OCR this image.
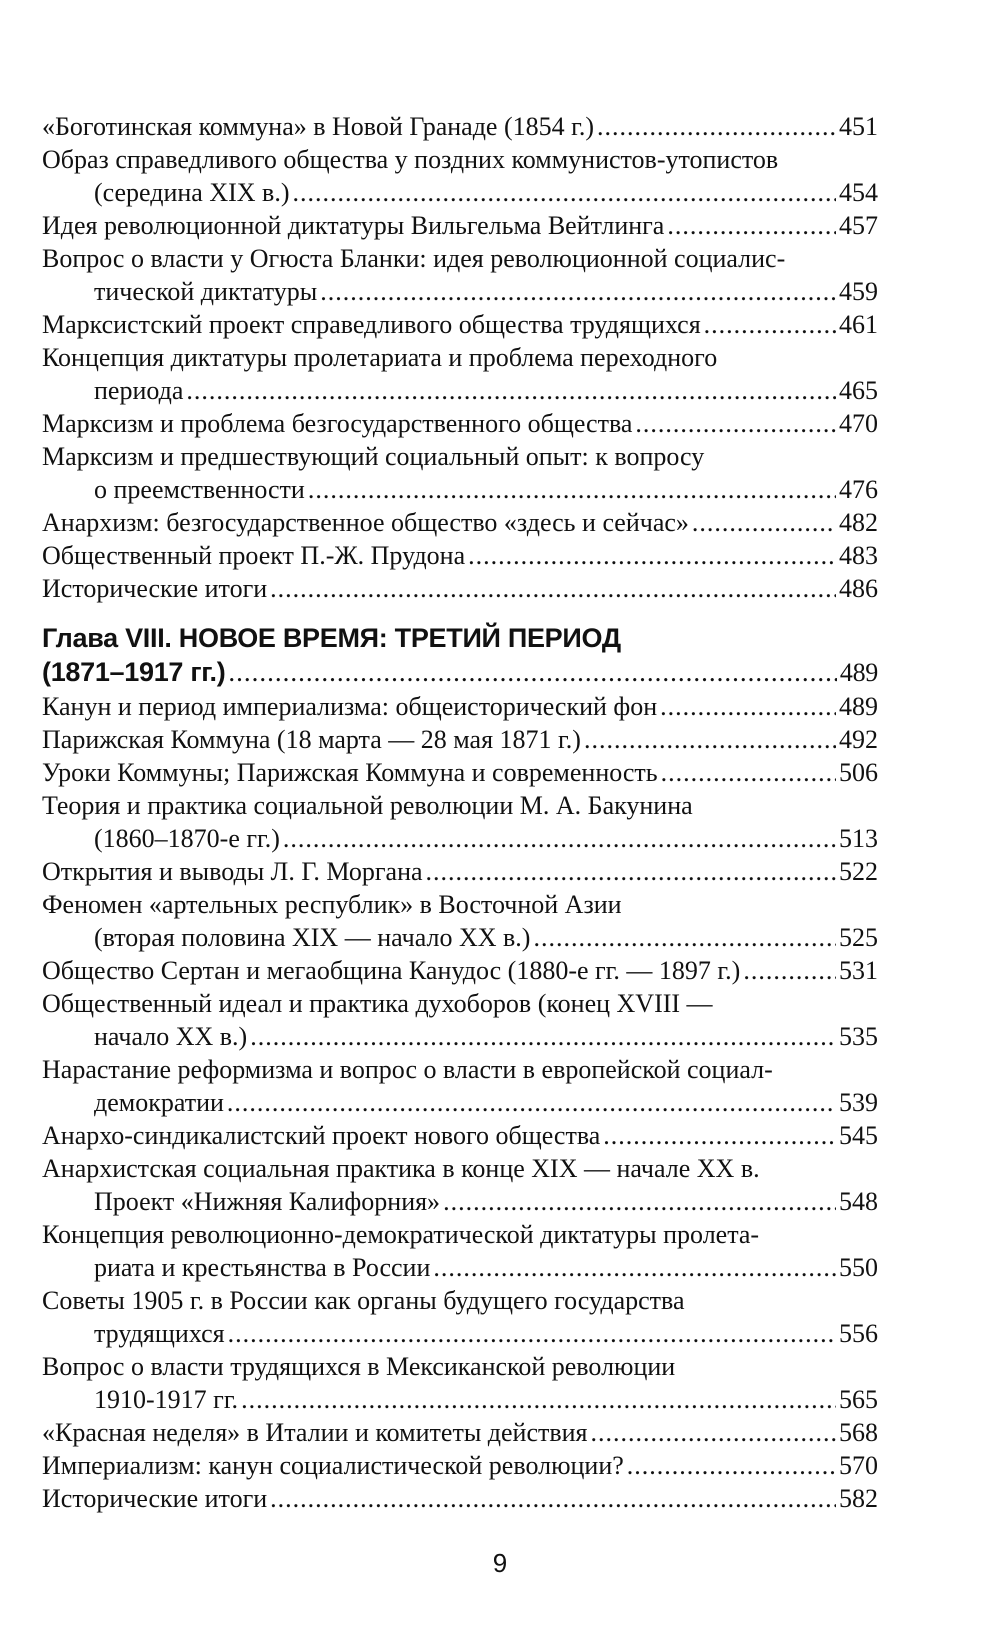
«Боготинская коммуна» в Новой Гранаде (1854 г.) .....	451
Образ справедливого общества у поздних коммунистов-утопистов
(середина XIX в.) .....	454
Идея революционной диктатуры Вильгельма Вейтлинга .....	457
Вопрос о власти у Огюста Бланки: идея революционной социалис-
тической диктатуры .....	459
Марксистский проект справедливого общества трудящихся .....	461
Концепция диктатуры пролетариата и проблема переходного
периода .....	465
Марксизм и проблема безгосударственного общества .....	470
Марксизм и предшествующий социальный опыт: к вопросу
о преемственности .....	476
Анархизм: безгосударственное общество «здесь и сейчас» .....	482
Общественный проект П.-Ж. Прудона .....	483
Исторические итоги .....	486
Глава VIII. НОВОЕ ВРЕМЯ: ТРЕТИЙ ПЕРИОД
(1871–1917 гг.) .....	489
Канун и период империализма: общеисторический фон .....	489
Парижская Коммуна (18 марта — 28 мая 1871 г.) .....	492
Уроки Коммуны; Парижская Коммуна и современность .....	506
Теория и практика социальной революции М. А. Бакунина
(1860–1870-е гг.) .....	513
Открытия и выводы Л. Г. Моргана .....	522
Феномен «артельных республик» в Восточной Азии
(вторая половина XIX — начало XX в.) .....	525
Общество Сертан и мегаобщина Канудос (1880-е гг. — 1897 г.) .....	531
Общественный идеал и практика духоборов (конец XVIII —
начало XX в.) .....	535
Нарастание реформизма и вопрос о власти в европейской социал-
демократии .....	539
Анархо-синдикалистский проект нового общества .....	545
Анархистская социальная практика в конце XIX — начале XX в.
Проект «Нижняя Калифорния» .....	548
Концепция революционно-демократической диктатуры пролета-
риата и крестьянства в России .....	550
Советы 1905 г. в России как органы будущего государства
трудящихся .....	556
Вопрос о власти трудящихся в Мексиканской революции
1910-1917 гг. .....	565
«Красная неделя» в Италии и комитеты действия .....	568
Империализм: канун социалистической революции? .....	570
Исторические итоги .....	582
9
